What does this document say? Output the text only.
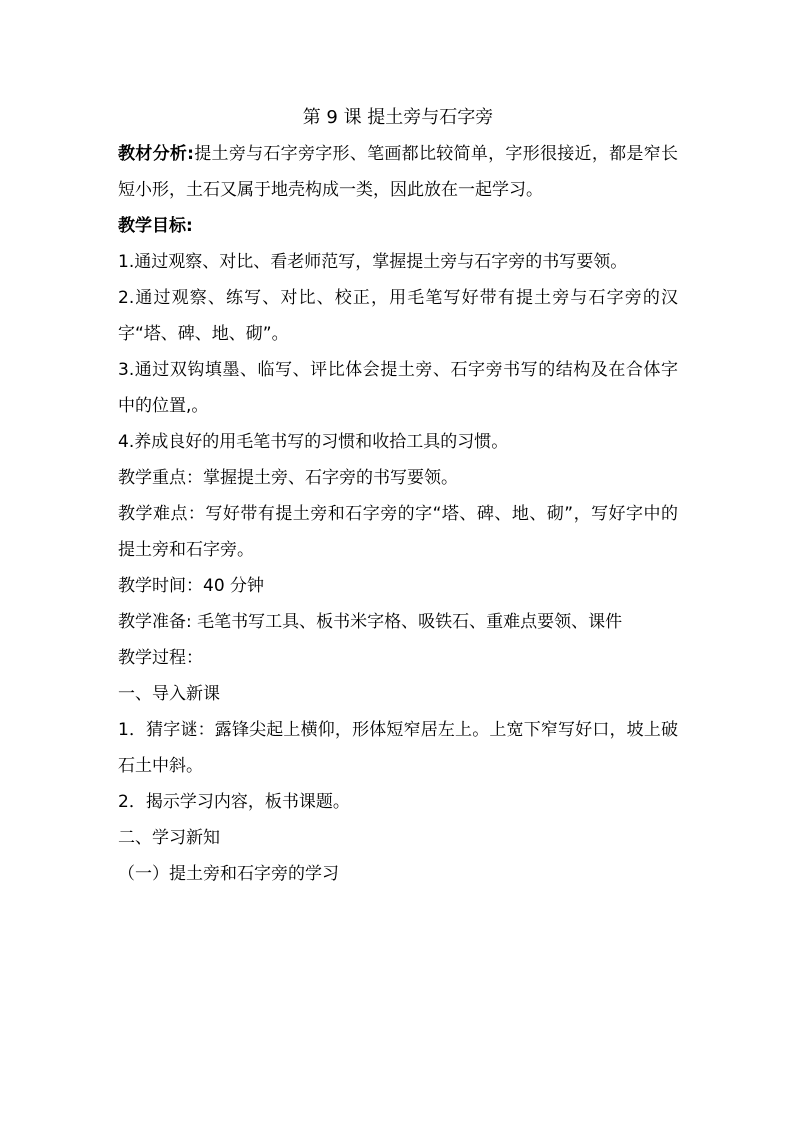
第 9 课 提土旁与石字旁

教材分析:提土旁与石字旁字形、笔画都比较简单，字形很接近，都是窄长短小形，土石又属于地壳构成一类，因此放在一起学习。

教学目标:

1.通过观察、对比、看老师范写，掌握提土旁与石字旁的书写要领。

2.通过观察、练写、对比、校正，用毛笔写好带有提土旁与石字旁的汉字“塔、碑、地、砌”。

3.通过双钩填墨、临写、评比体会提土旁、石字旁书写的结构及在合体字中的位置,。

4.养成良好的用毛笔书写的习惯和收拾工具的习惯。

教学重点：掌握提土旁、石字旁的书写要领。

教学难点：写好带有提土旁和石字旁的字“塔、碑、地、砌”，写好字中的提土旁和石字旁。

教学时间：40 分钟

教学准备: 毛笔书写工具、板书米字格、吸铁石、重难点要领、课件

教学过程：

一、导入新课

1．猜字谜：露锋尖起上横仰，形体短窄居左上。上宽下窄写好口，坡上破石土中斜。

2．揭示学习内容，板书课题。

二、学习新知

（一）提土旁和石字旁的学习
